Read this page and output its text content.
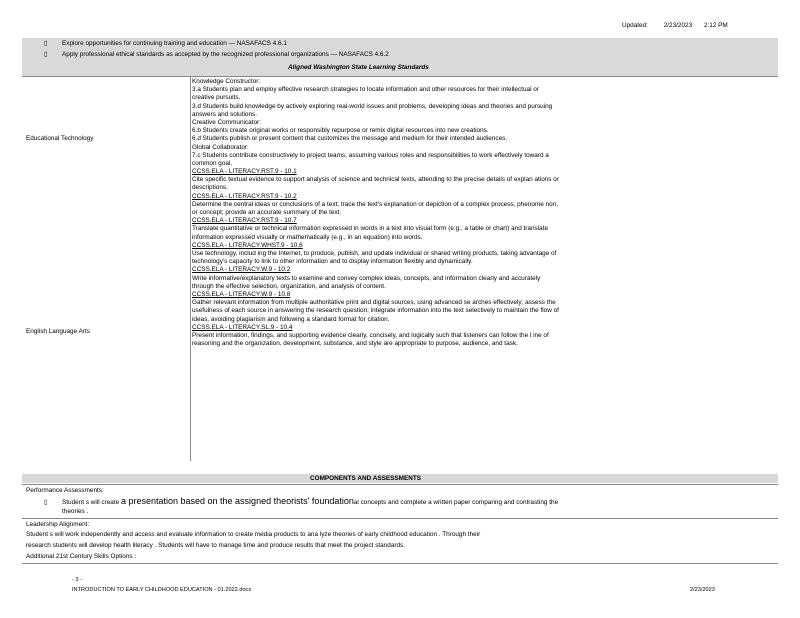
Updated: 2/23/2023 2:12 PM
▯ Explore opportunities for continuing training and education — NASAFACS 4.6.1
▯ Apply professional ethical standards as accepted by the recognized professional organizations — NASAFACS 4.6.2
Aligned Washington State Learning Standards
Educational Technology
Knowledge Constructor:
3.a Students plan and employ effective research strategies to locate information and other resources for their intellectual or
creative pursuits.
3.d Students build knowledge by actively exploring real-world issues and problems, developing ideas and theories and pursuing
answers and solutions.
Creative Communicator:
6.b Students create original works or responsibly repurpose or remix digital resources into new creations.
6.d Students publish or present content that customizes the message and medium for their intended audiences.
Global Collaborator:
7.c Students contribute constructively to project teams, assuming various roles and responsibilities to work effectively toward a
common goal.
English Language Arts
CCSS.ELA - LITERACY.RST.9 - 10.1
Cite specific textual evidence to support analysis of science and technical texts, attending to the precise details of explan ations or
descriptions.
CCSS.ELA - LITERACY.RST.9 - 10.2
Determine the central ideas or conclusions of a text; trace the text's explanation or depiction of a complex process, phenome non,
or concept; provide an accurate summary of the text.
CCSS.ELA - LITERACY.RST.9 - 10.7
Translate quantitative or technical information expressed in words in a text into visual form (e.g., a table or chart) and translate
information expressed visually or mathematically (e.g., in an equation) into words.
CCSS.ELA - LITERACY.WHST.9 - 10.6
Use technology, includ ing the Internet, to produce, publish, and update individual or shared writing products, taking advantage of
technology's capacity to link to other information and to display information flexibly and dynamically.
CCSS.ELA - LITERACY.W.9 - 10.2
Write informative/explanatory texts to examine and convey complex ideas, concepts, and information clearly and accurately
through the effective selection, organization, and analysis of content.
CCSS.ELA - LITERACY.W.9 - 10.8
Gather relevant information from multiple authoritative print and digital sources, using advanced se arches effectively; assess the
usefulness of each source in answering the research question; integrate information into the text selectively to maintain the flow of
ideas, avoiding plagiarism and following a standard format for citation.
CCSS.ELA - LITERACY.SL.9 - 10.4
Present information, findings, and supporting evidence clearly, concisely, and logically such that listeners can follow the l ine of
reasoning and the organization, development, substance, and style are appropriate to purpose, audience, and task.
COMPONENTS AND ASSESSMENTS
Performance Assessments:
▯ Student s will create a presentation based on the assigned theorists' foundational concepts and complete a written paper comparing and contrasting the
theories .
Leadership Alignment:
Student s will work independently and access and evaluate information to create media products to ana lyze theories of early childhood education . Through their
research students will develop health literacy . Students will have to manage time and produce results that meet the project standards.
Additional 21st Century Skills Options :
- 3 -
INTRODUCTION TO EARLY CHILDHOOD EDUCATION - 01.2022.docx	2/23/2023
